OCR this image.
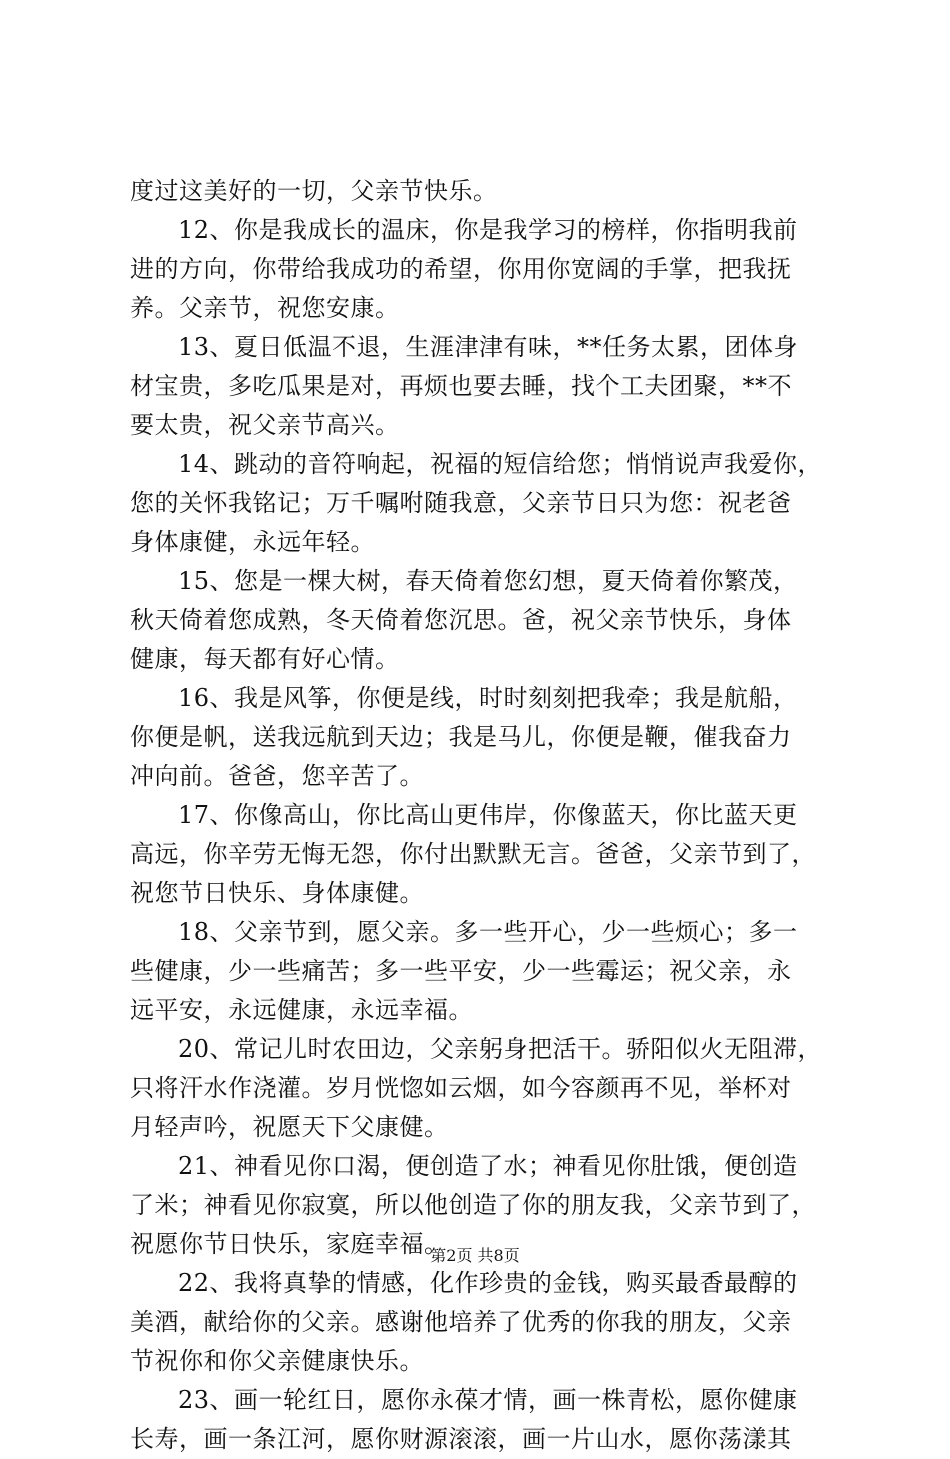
度过这美好的一切，父亲节快乐。
12、你是我成长的温床，你是我学习的榜样，你指明我前
进的方向，你带给我成功的希望，你用你宽阔的手掌，把我抚
养。父亲节，祝您安康。
13、夏日低温不退，生涯津津有味，**任务太累，团体身
材宝贵，多吃瓜果是对，再烦也要去睡，找个工夫团聚，**不
要太贵，祝父亲节高兴。
14、跳动的音符响起，祝福的短信给您；悄悄说声我爱你，
您的关怀我铭记；万千嘱咐随我意，父亲节日只为您：祝老爸
身体康健，永远年轻。
15、您是一棵大树，春天倚着您幻想，夏天倚着你繁茂，
秋天倚着您成熟，冬天倚着您沉思。爸，祝父亲节快乐，身体
健康，每天都有好心情。
16、我是风筝，你便是线，时时刻刻把我牵；我是航船，
你便是帆，送我远航到天边；我是马儿，你便是鞭，催我奋力
冲向前。爸爸，您辛苦了。
17、你像高山，你比高山更伟岸，你像蓝天，你比蓝天更
高远，你辛劳无悔无怨，你付出默默无言。爸爸，父亲节到了，
祝您节日快乐、身体康健。
18、父亲节到，愿父亲。多一些开心，少一些烦心；多一
些健康，少一些痛苦；多一些平安，少一些霉运；祝父亲，永
远平安，永远健康，永远幸福。
20、常记儿时农田边，父亲躬身把活干。骄阳似火无阻滞，
只将汗水作浇灌。岁月恍惚如云烟，如今容颜再不见，举杯对
月轻声吟，祝愿天下父康健。
21、神看见你口渴，便创造了水；神看见你肚饿，便创造
了米；神看见你寂寞，所以他创造了你的朋友我，父亲节到了，
祝愿你节日快乐，家庭幸福。
22、我将真挚的情感，化作珍贵的金钱，购买最香最醇的
美酒，献给你的父亲。感谢他培养了优秀的你我的朋友，父亲
节祝你和你父亲健康快乐。
23、画一轮红日，愿你永葆才情，画一株青松，愿你健康
长寿，画一条江河，愿你财源滚滚，画一片山水，愿你荡漾其
第2页 共8页
